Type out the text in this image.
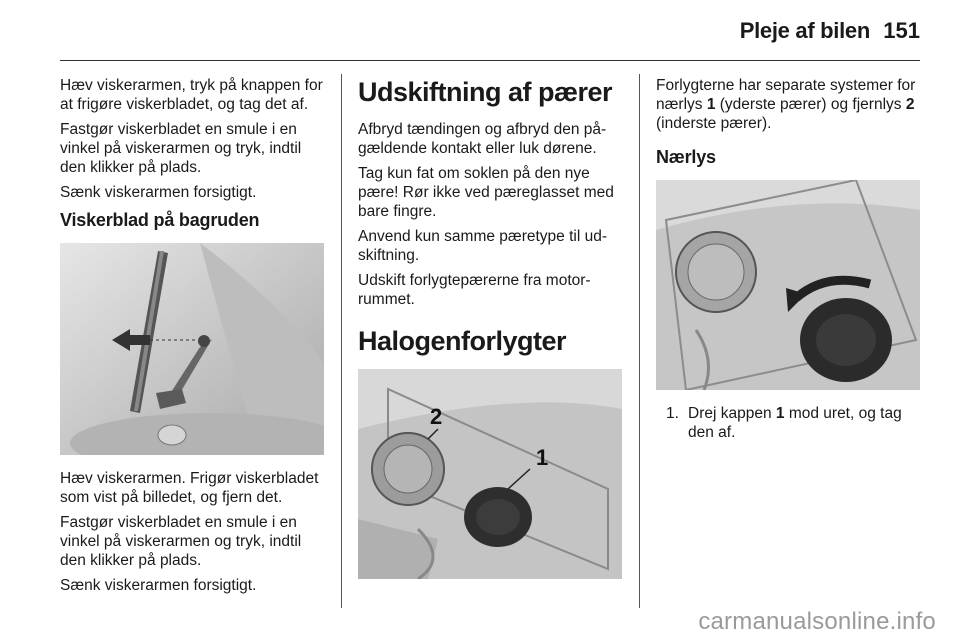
Pleje af bilen 151

Hæv viskerarmen, tryk på knappen for at frigøre viskerbladet, og tag det af.

Fastgør viskerbladet en smule i en vinkel på viskerarmen og tryk, indtil den klikker på plads.

Sænk viskerarmen forsigtigt.

Viskerblad på bagruden

Hæv viskerarmen. Frigør viskerbladet som vist på billedet, og fjern det.

Fastgør viskerbladet en smule i en vinkel på viskerarmen og tryk, indtil den klikker på plads.

Sænk viskerarmen forsigtigt.

Udskiftning af pærer

Afbryd tændingen og afbryd den pågældende kontakt eller luk dørene.

Tag kun fat om soklen på den nye pære! Rør ikke ved pæreglasset med bare fingre.

Anvend kun samme pæretype til udskiftning.

Udskift forlygtepærerne fra motorrummet.

Halogenforlygter
2
1

Forlygterne har separate systemer for nærlys 1 (yderste pærer) og fjernlys 2 (inderste pærer).

Nærlys
1. Drej kappen 1 mod uret, og tag den af.
carmanualsonline.info
